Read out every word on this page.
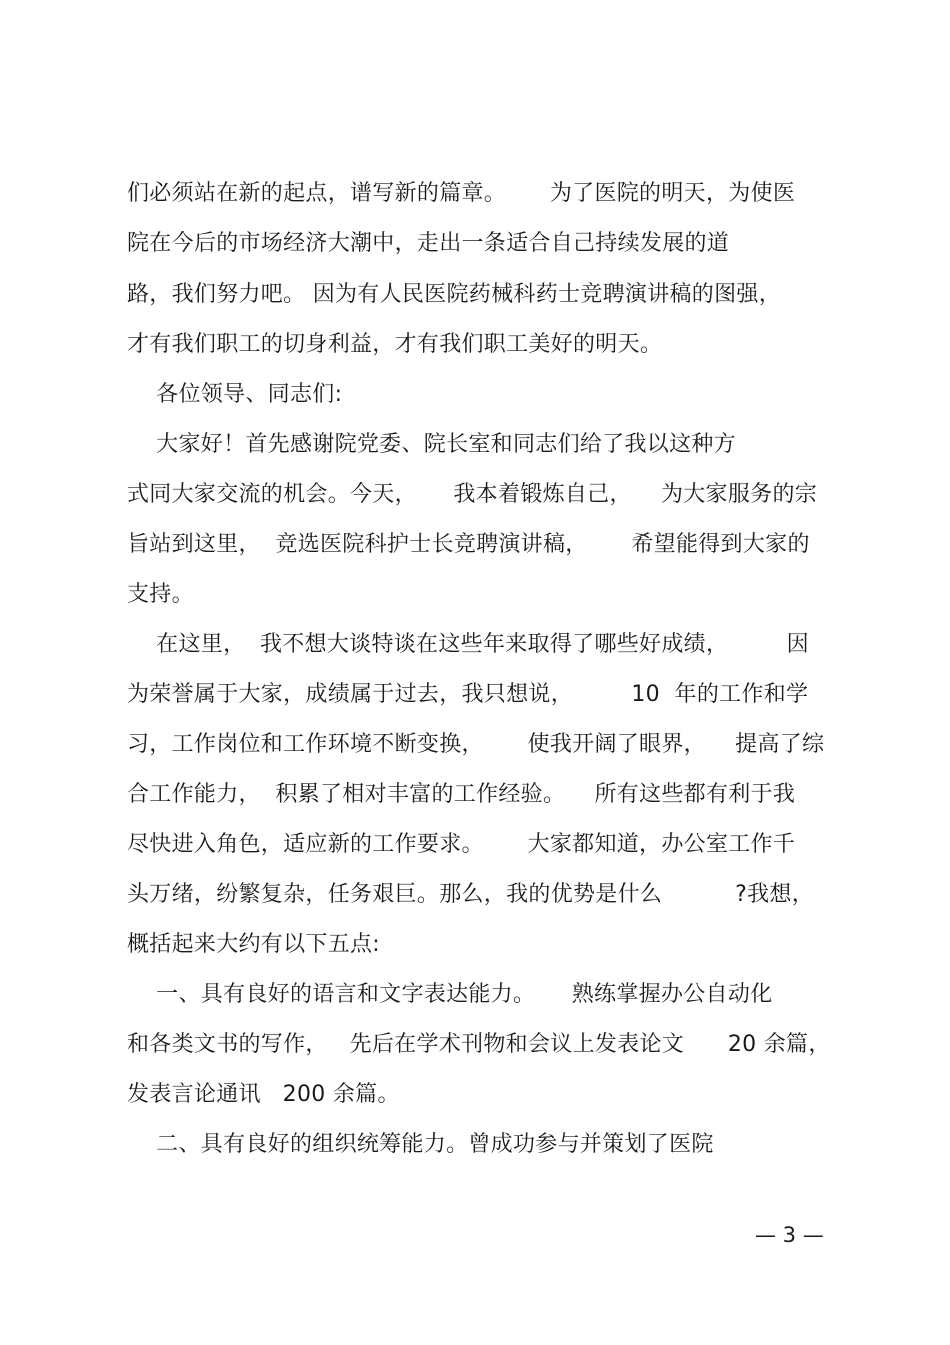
们必须站在新的起点，谱写新的篇章。      为了医院的明天，为使医
院在今后的市场经济大潮中，走出一条适合自己持续发展的道
路，我们努力吧。 因为有人民医院药械科药士竞聘演讲稿的图强，
才有我们职工的切身利益，才有我们职工美好的明天。
各位领导、同志们:
大家好！首先感谢院党委、院长室和同志们给了我以这种方
式同大家交流的机会。今天，     我本着锻炼自己，    为大家服务的宗
旨站到这里，  竞选医院科护士长竞聘演讲稿，      希望能得到大家的
支持。
在这里，  我不想大谈特谈在这些年来取得了哪些好成绩，        因
为荣誉属于大家，成绩属于过去，我只想说，        10  年的工作和学
习，工作岗位和工作环境不断变换，      使我开阔了眼界，    提高了综
合工作能力，  积累了相对丰富的工作经验。    所有这些都有利于我
尽快进入角色，适应新的工作要求。      大家都知道，办公室工作千
头万绪，纷繁复杂，任务艰巨。那么，我的优势是什么          ?我想，
概括起来大约有以下五点:
一、具有良好的语言和文字表达能力。     熟练掌握办公自动化
和各类文书的写作，   先后在学术刊物和会议上发表论文      20 余篇，
发表言论通讯   200 余篇。
二、具有良好的组织统筹能力。曾成功参与并策划了医院
— 3 —
